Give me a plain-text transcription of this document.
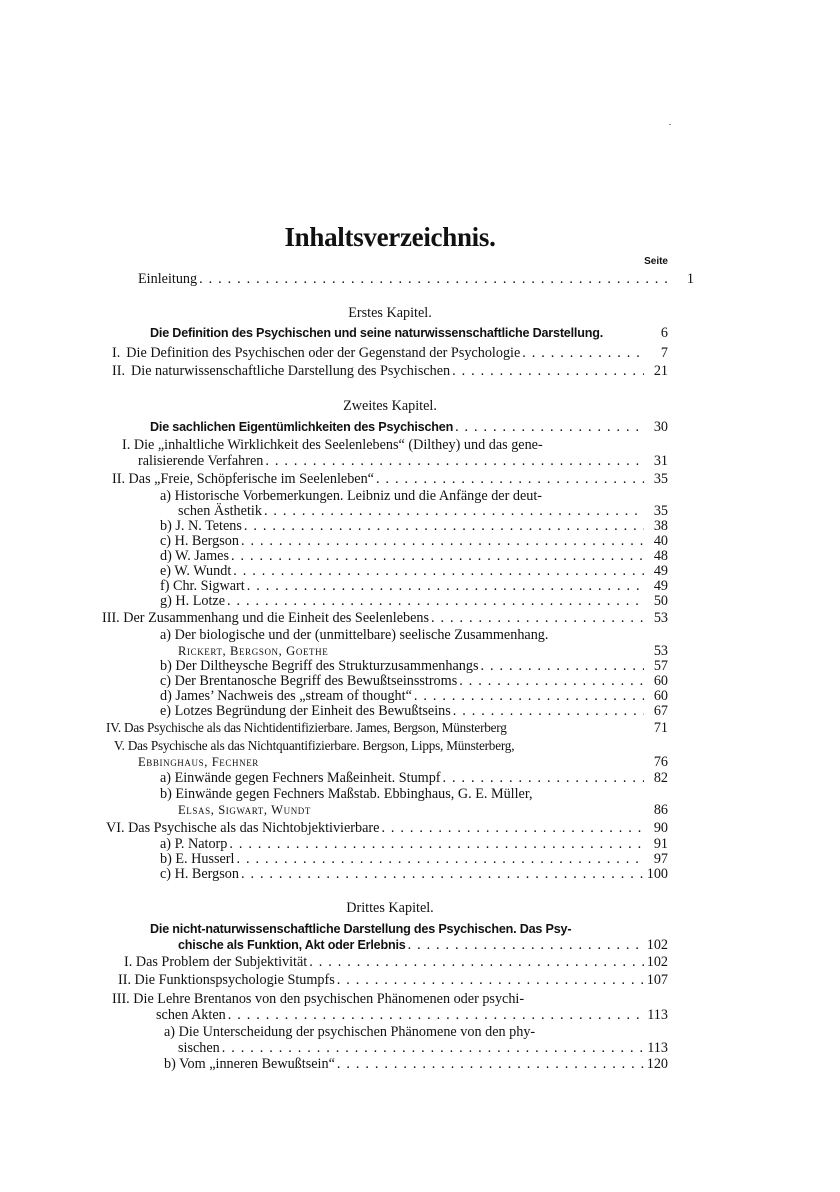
Inhaltsverzeichnis.
Seite
Einleitung . . .	1
Erstes Kapitel.
Die Definition des Psychischen und seine naturwissenschaftliche Darstellung.	6
I. Die Definition des Psychischen oder der Gegenstand der Psychologie . . .	7
II. Die naturwissenschaftliche Darstellung des Psychischen . . .	21
Zweites Kapitel.
Die sachlichen Eigentümlichkeiten des Psychischen . . .	30
I. Die „inhaltliche Wirklichkeit des Seelenlebens“ (Dilthey) und das gene-
ralisierende Verfahren . . .	31
II. Das „Freie, Schöpferische im Seelenleben“ . . .	35
a) Historische Vorbemerkungen. Leibniz und die Anfänge der deut-
schen Ästhetik . . .	35
b) J. N. Tetens . . .	38
c) H. Bergson . . .	40
d) W. James . . .	48
e) W. Wundt . . .	49
f) Chr. Sigwart . . .	49
g) H. Lotze . . .	50
III. Der Zusammenhang und die Einheit des Seelenlebens . . .	53
a) Der biologische und der (unmittelbare) seelische Zusammenhang.
Rickert, Bergson, Goethe	53
b) Der Diltheysche Begriff des Strukturzusammenhangs . . .	57
c) Der Brentanosche Begriff des Bewußtseinsstroms . . .	60
d) James’ Nachweis des „stream of thought“ . . .	60
e) Lotzes Begründung der Einheit des Bewußtseins . . .	67
IV. Das Psychische als das Nichtidentifizierbare. James, Bergson, Münsterberg	71
V. Das Psychische als das Nichtquantifizierbare. Bergson, Lipps, Münsterberg,
Ebbinghaus, Fechner	76
a) Einwände gegen Fechners Maßeinheit. Stumpf . . .	82
b) Einwände gegen Fechners Maßstab. Ebbinghaus, G. E. Müller,
Elsas, Sigwart, Wundt	86
VI. Das Psychische als das Nichtobjektivierbare . . .	90
a) P. Natorp . . .	91
b) E. Husserl . . .	97
c) H. Bergson . . .	100
Drittes Kapitel.
Die nicht-naturwissenschaftliche Darstellung des Psychischen. Das Psy-
chische als Funktion, Akt oder Erlebnis . . .	102
I. Das Problem der Subjektivität . . .	102
II. Die Funktionspsychologie Stumpfs . . .	107
III. Die Lehre Brentanos von den psychischen Phänomenen oder psychi-
schen Akten . . .	113
a) Die Unterscheidung der psychischen Phänomene von den phy-
sischen . . .	113
b) Vom „inneren Bewußtsein“ . . .	120
